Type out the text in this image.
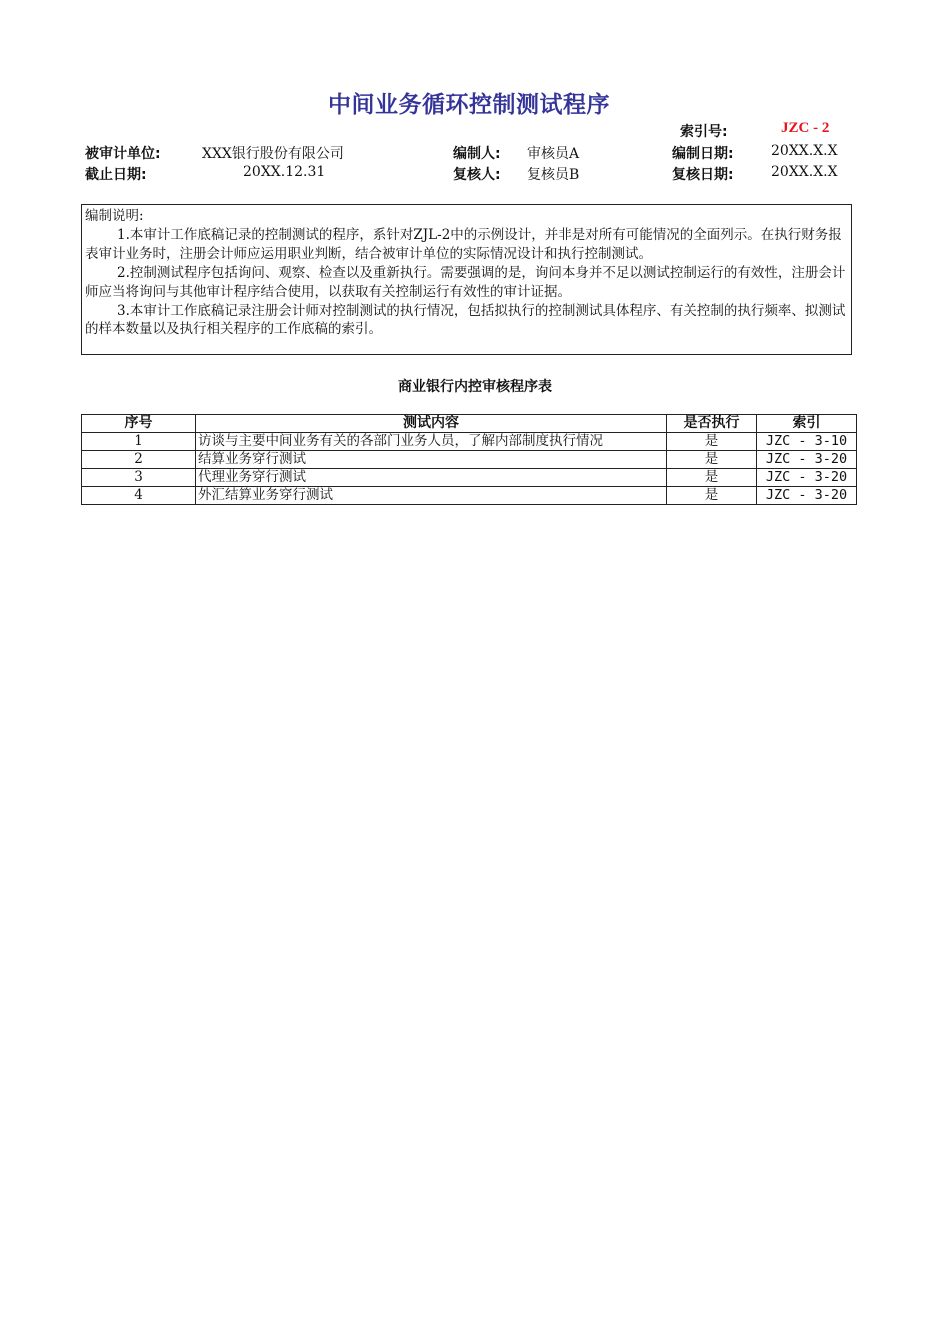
中间业务循环控制测试程序
索引号:	JZC - 2
被审计单位:	XXX银行股份有限公司	编制人: 审核员A	编制日期:	20XX.X.X
截止日期:	20XX.12.31	复核人: 复核员B	复核日期:	20XX.X.X

编制说明:

1.本审计工作底稿记录的控制测试的程序，系针对ZJL-2中的示例设计，并非是对所有可能情况的全面列示。在执行财务报表审计业务时，注册会计师应运用职业判断，结合被审计单位的实际情况设计和执行控制测试。

2.控制测试程序包括询问、观察、检查以及重新执行。需要强调的是，询问本身并不足以测试控制运行的有效性，注册会计师应当将询问与其他审计程序结合使用，以获取有关控制运行有效性的审计证据。

3.本审计工作底稿记录注册会计师对控制测试的执行情况，包括拟执行的控制测试具体程序、有关控制的执行频率、拟测试的样本数量以及执行相关程序的工作底稿的索引。

商业银行内控审核程序表
序号	测试内容	是否执行	索引
1	访谈与主要中间业务有关的各部门业务人员，了解内部制度执行情况	是	JZC - 3-10
2	结算业务穿行测试	是	JZC - 3-20
3	代理业务穿行测试	是	JZC - 3-20
4	外汇结算业务穿行测试	是	JZC - 3-20
